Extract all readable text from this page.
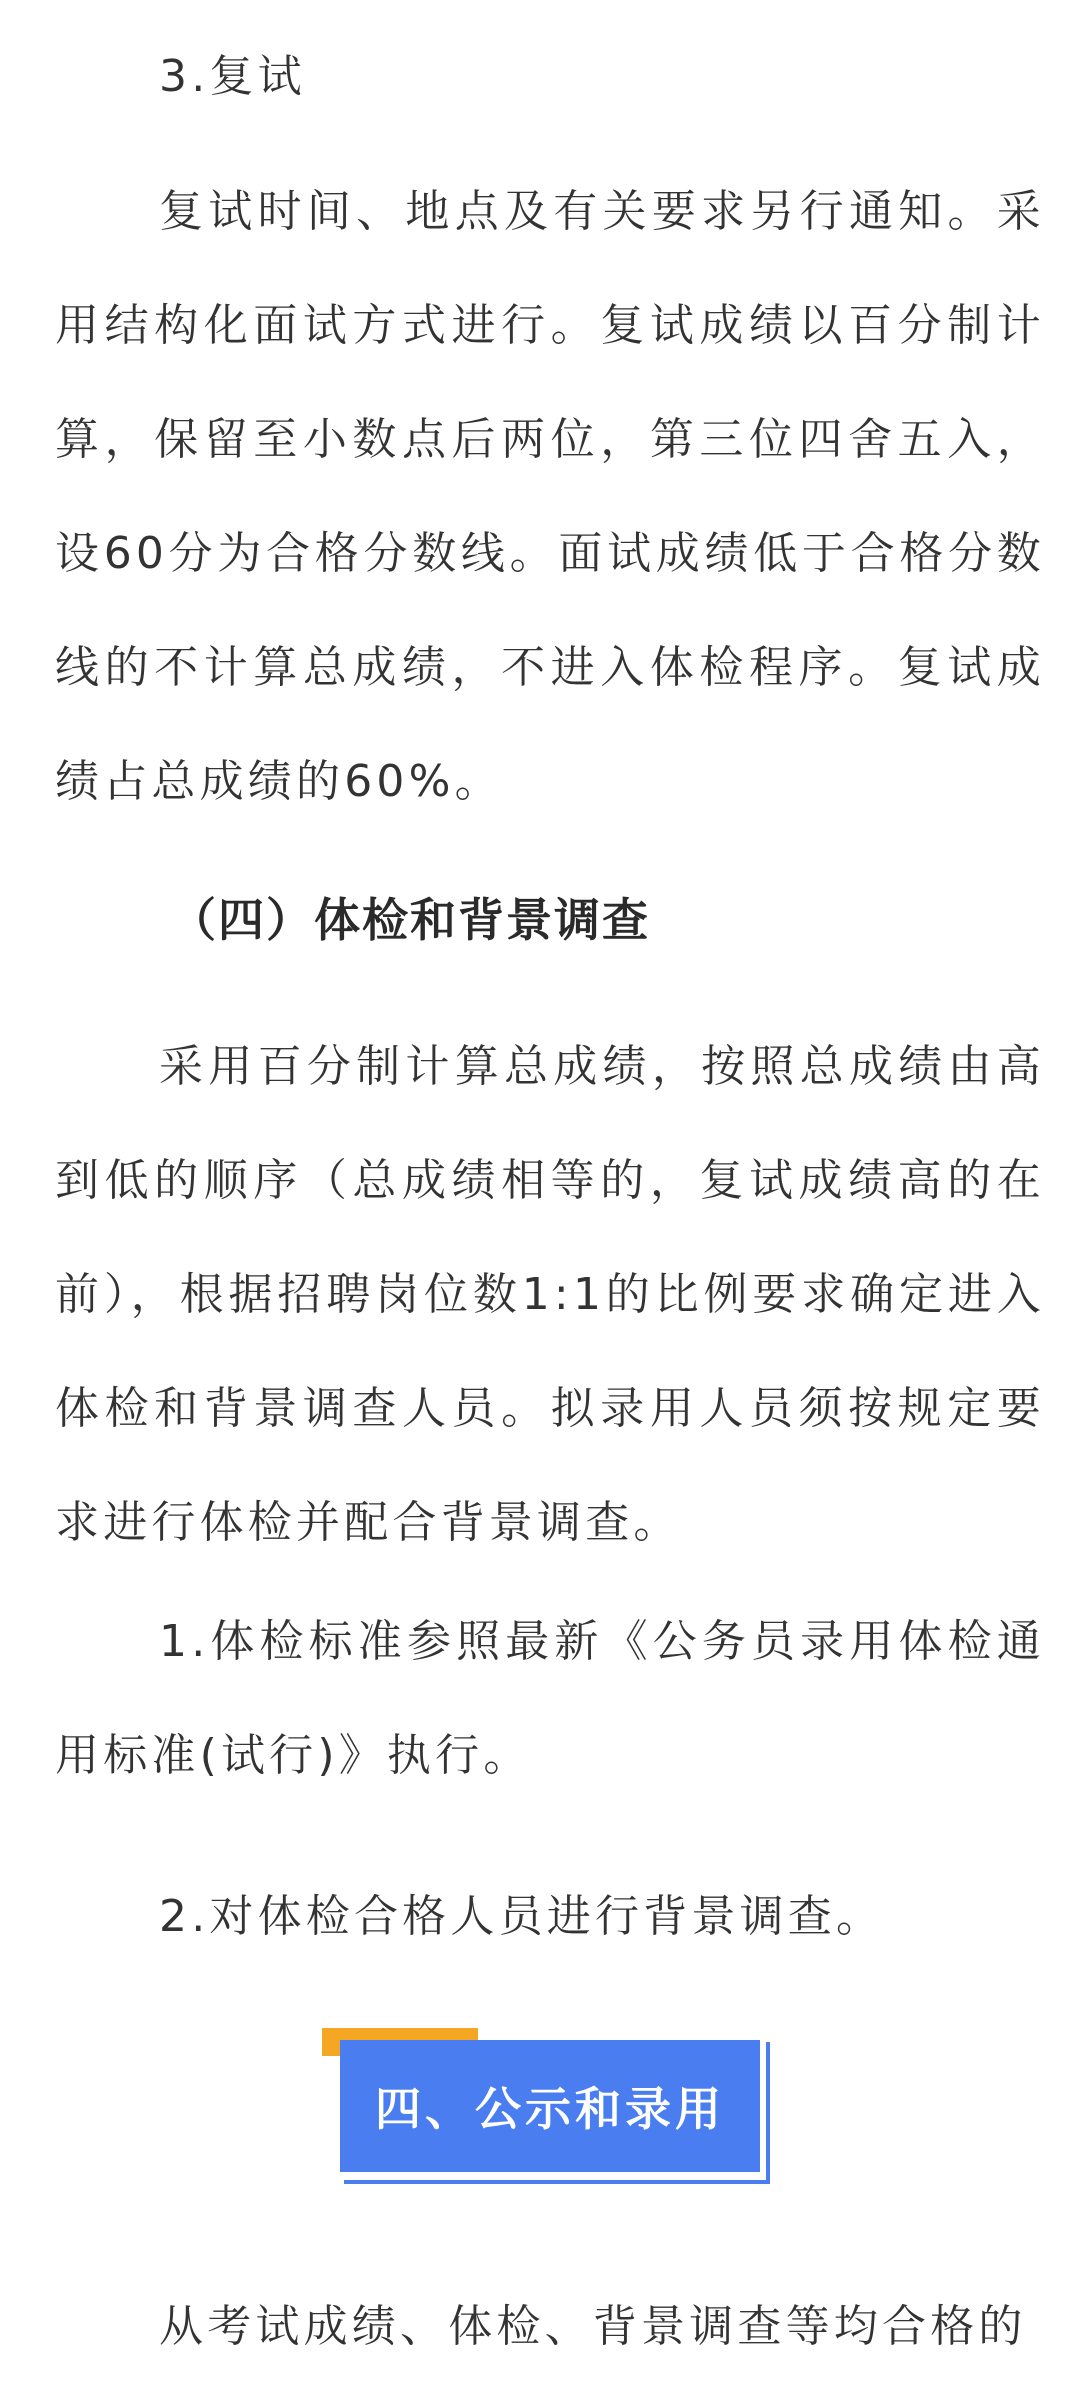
3.复试

复试时间、地点及有关要求另行通知。采用结构化面试方式进行。复试成绩以百分制计算，保留至小数点后两位，第三位四舍五入，设60分为合格分数线。面试成绩低于合格分数线的不计算总成绩，不进入体检程序。复试成绩占总成绩的60%。

（四）体检和背景调查

采用百分制计算总成绩，按照总成绩由高到低的顺序（总成绩相等的，复试成绩高的在前），根据招聘岗位数1:1的比例要求确定进入体检和背景调查人员。拟录用人员须按规定要求进行体检并配合背景调查。

1.体检标准参照最新《公务员录用体检通用标准(试行)》执行。

2.对体检合格人员进行背景调查。

四、公示和录用

从考试成绩、体检、背景调查等均合格的
